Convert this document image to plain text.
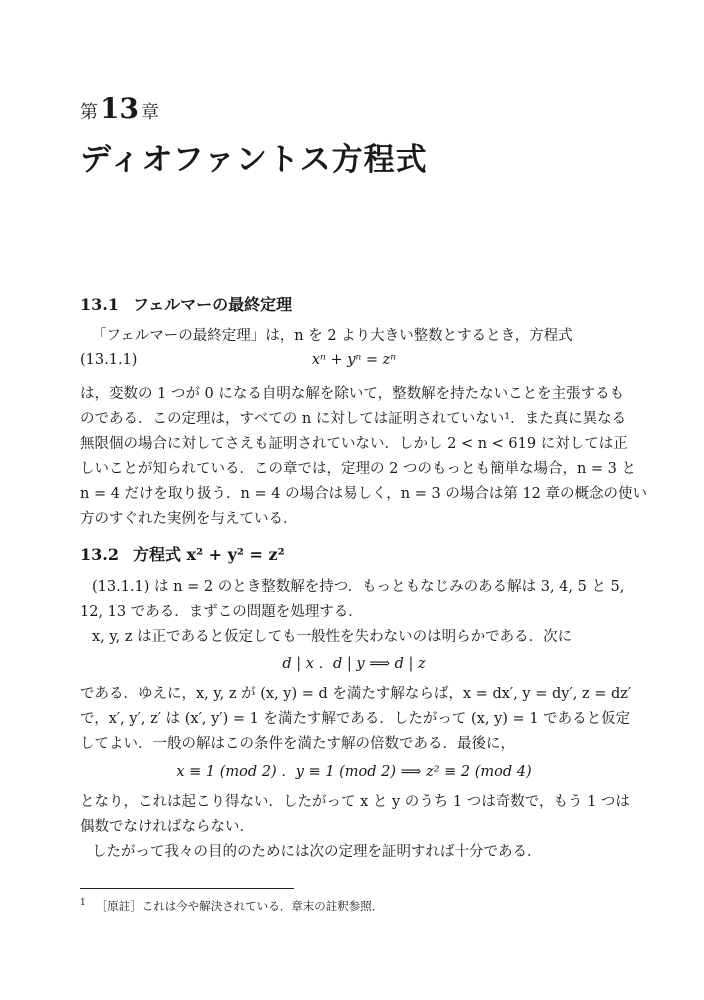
第13 章
ディオファントス方程式
13.1 フェルマーの最終定理
「フェルマーの最終定理」は，n を 2 より大きい整数とするとき，方程式
(13.1.1)	xⁿ + yⁿ = zⁿ
は，変数の 1 つが 0 になる自明な解を除いて，整数解を持たないことを主張するも
のである．この定理は，すべての n に対しては証明されていない¹．また真に異なる
無限個の場合に対してさえも証明されていない．しかし 2 < n < 619 に対しては正
しいことが知られている．この章では，定理の 2 つのもっとも簡単な場合，n = 3 と
n = 4 だけを取り扱う．n = 4 の場合は易しく，n = 3 の場合は第 12 章の概念の使い
方のすぐれた実例を与えている．
13.2 方程式 x² + y² = z²
(13.1.1) は n = 2 のとき整数解を持つ．もっともなじみのある解は 3, 4, 5 と 5,
12, 13 である．まずこの問題を処理する．
x, y, z は正であると仮定しても一般性を失わないのは明らかである．次に
d | x ．d | y ⟹ d | z
である．ゆえに，x, y, z が (x, y) = d を満たす解ならば，x = dx′, y = dy′, z = dz′
で，x′, y′, z′ は (x′, y′) = 1 を満たす解である．したがって (x, y) = 1 であると仮定
してよい．一般の解はこの条件を満たす解の倍数である．最後に，
x ≡ 1 (mod 2) ．y ≡ 1 (mod 2) ⟹ z² ≡ 2 (mod 4)
となり，これは起こり得ない．したがって x と y のうち 1 つは奇数で，もう 1 つは
偶数でなければならない．
したがって我々の目的のためには次の定理を証明すれば十分である．
$^1$ ［原註］これは今や解決されている．章末の註釈参照．
